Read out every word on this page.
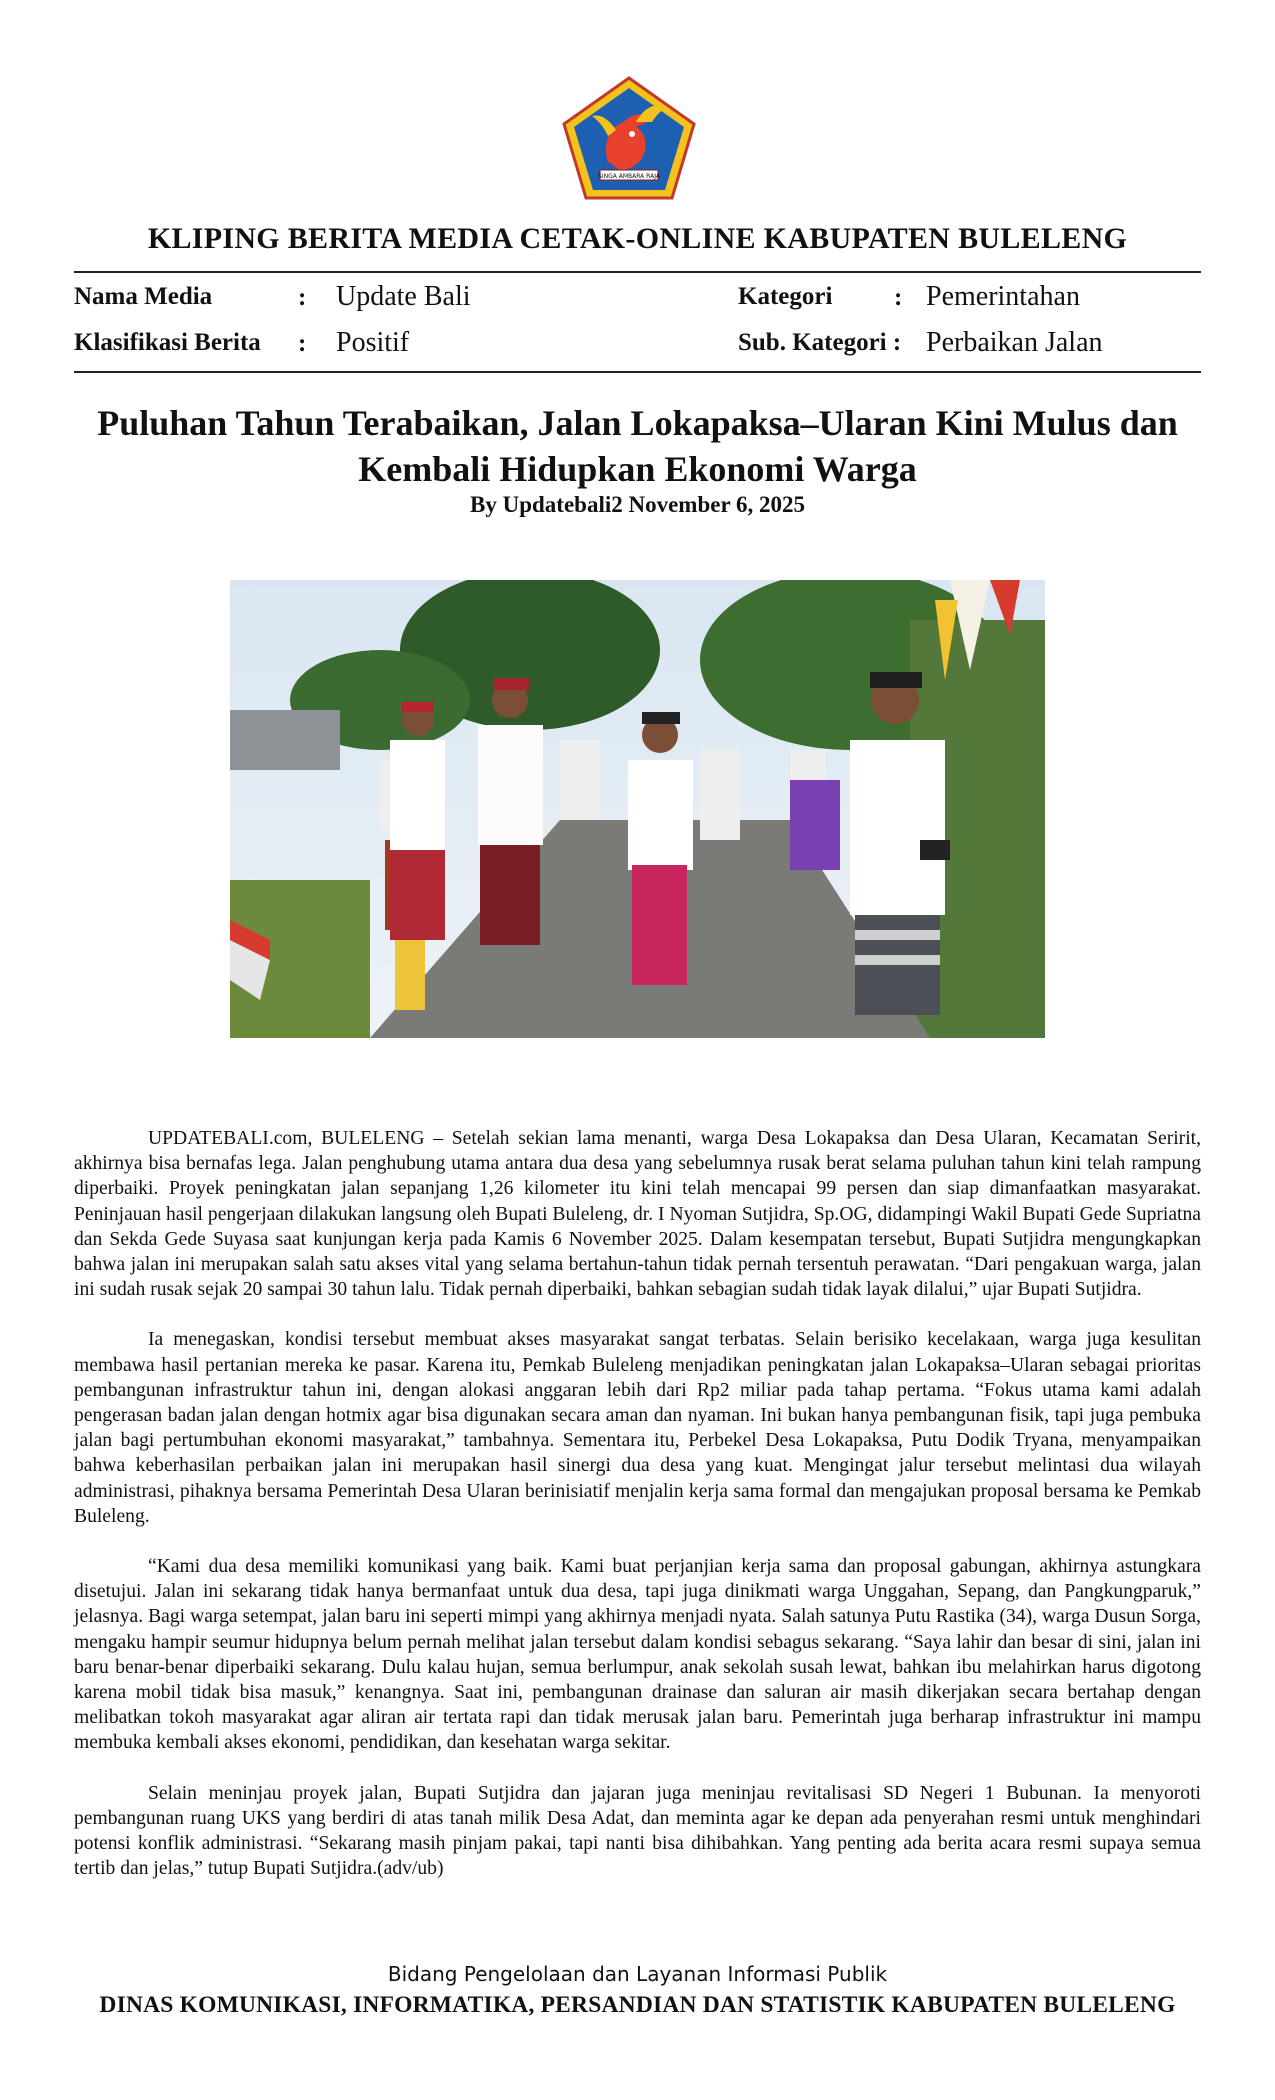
SINGA AMBARA RAJA
KLIPING BERITA MEDIA CETAK-ONLINE KABUPATEN BULELENG
Nama Media	: Update Bali
Klasifikasi Berita : Positif
Kategori : Pemerintahan
Sub. Kategori : Perbaikan Jalan
Puluhan Tahun Terabaikan, Jalan Lokapaksa–Ularan Kini Mulus dan Kembali Hidupkan Ekonomi Warga
By Updatebali2 November 6, 2025

UPDATEBALI.com, BULELENG – Setelah sekian lama menanti, warga Desa Lokapaksa dan Desa Ularan, Kecamatan Seririt, akhirnya bisa bernafas lega. Jalan penghubung utama antara dua desa yang sebelumnya rusak berat selama puluhan tahun kini telah rampung diperbaiki. Proyek peningkatan jalan sepanjang 1,26 kilometer itu kini telah mencapai 99 persen dan siap dimanfaatkan masyarakat. Peninjauan hasil pengerjaan dilakukan langsung oleh Bupati Buleleng, dr. I Nyoman Sutjidra, Sp.OG, didampingi Wakil Bupati Gede Supriatna dan Sekda Gede Suyasa saat kunjungan kerja pada Kamis 6 November 2025. Dalam kesempatan tersebut, Bupati Sutjidra mengungkapkan bahwa jalan ini merupakan salah satu akses vital yang selama bertahun-tahun tidak pernah tersentuh perawatan. “Dari pengakuan warga, jalan ini sudah rusak sejak 20 sampai 30 tahun lalu. Tidak pernah diperbaiki, bahkan sebagian sudah tidak layak dilalui,” ujar Bupati Sutjidra.

Ia menegaskan, kondisi tersebut membuat akses masyarakat sangat terbatas. Selain berisiko kecelakaan, warga juga kesulitan membawa hasil pertanian mereka ke pasar. Karena itu, Pemkab Buleleng menjadikan peningkatan jalan Lokapaksa–Ularan sebagai prioritas pembangunan infrastruktur tahun ini, dengan alokasi anggaran lebih dari Rp2 miliar pada tahap pertama. “Fokus utama kami adalah pengerasan badan jalan dengan hotmix agar bisa digunakan secara aman dan nyaman. Ini bukan hanya pembangunan fisik, tapi juga pembuka jalan bagi pertumbuhan ekonomi masyarakat,” tambahnya. Sementara itu, Perbekel Desa Lokapaksa, Putu Dodik Tryana, menyampaikan bahwa keberhasilan perbaikan jalan ini merupakan hasil sinergi dua desa yang kuat. Mengingat jalur tersebut melintasi dua wilayah administrasi, pihaknya bersama Pemerintah Desa Ularan berinisiatif menjalin kerja sama formal dan mengajukan proposal bersama ke Pemkab Buleleng.

“Kami dua desa memiliki komunikasi yang baik. Kami buat perjanjian kerja sama dan proposal gabungan, akhirnya astungkara disetujui. Jalan ini sekarang tidak hanya bermanfaat untuk dua desa, tapi juga dinikmati warga Unggahan, Sepang, dan Pangkungparuk,” jelasnya. Bagi warga setempat, jalan baru ini seperti mimpi yang akhirnya menjadi nyata. Salah satunya Putu Rastika (34), warga Dusun Sorga, mengaku hampir seumur hidupnya belum pernah melihat jalan tersebut dalam kondisi sebagus sekarang. “Saya lahir dan besar di sini, jalan ini baru benar-benar diperbaiki sekarang. Dulu kalau hujan, semua berlumpur, anak sekolah susah lewat, bahkan ibu melahirkan harus digotong karena mobil tidak bisa masuk,” kenangnya. Saat ini, pembangunan drainase dan saluran air masih dikerjakan secara bertahap dengan melibatkan tokoh masyarakat agar aliran air tertata rapi dan tidak merusak jalan baru. Pemerintah juga berharap infrastruktur ini mampu membuka kembali akses ekonomi, pendidikan, dan kesehatan warga sekitar.

Selain meninjau proyek jalan, Bupati Sutjidra dan jajaran juga meninjau revitalisasi SD Negeri 1 Bubunan. Ia menyoroti pembangunan ruang UKS yang berdiri di atas tanah milik Desa Adat, dan meminta agar ke depan ada penyerahan resmi untuk menghindari potensi konflik administrasi. “Sekarang masih pinjam pakai, tapi nanti bisa dihibahkan. Yang penting ada berita acara resmi supaya semua tertib dan jelas,” tutup Bupati Sutjidra.(adv/ub)

Bidang Pengelolaan dan Layanan Informasi Publik
DINAS KOMUNIKASI, INFORMATIKA, PERSANDIAN DAN STATISTIK KABUPATEN BULELENG
